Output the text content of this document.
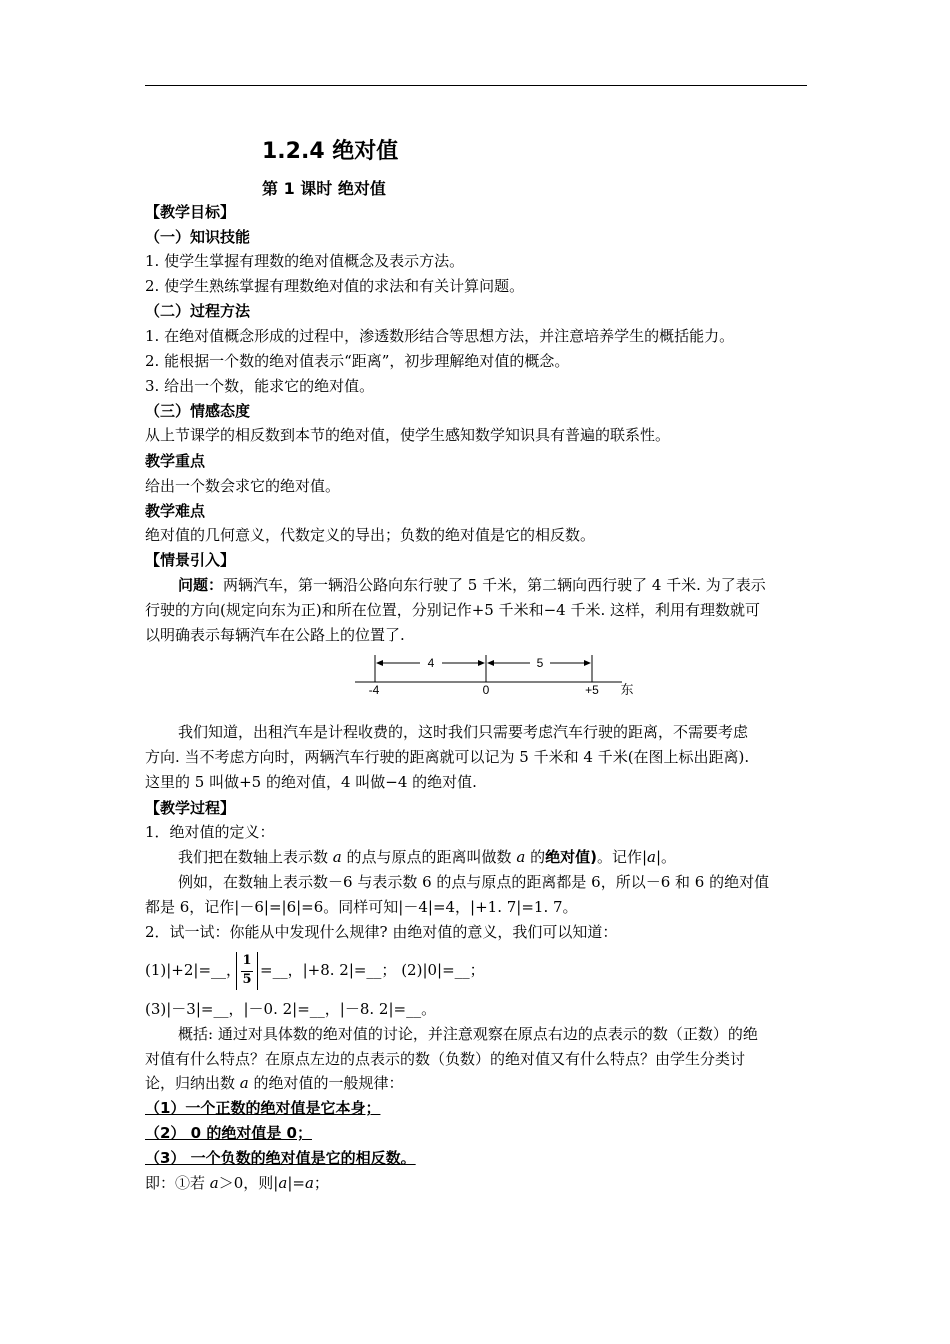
1.2.4 绝对值
第 1 课时 绝对值
【教学目标】
（一）知识技能
1. 使学生掌握有理数的绝对值概念及表示方法。
2. 使学生熟练掌握有理数绝对值的求法和有关计算问题。
（二）过程方法
1. 在绝对值概念形成的过程中，渗透数形结合等思想方法，并注意培养学生的概括能力。
2. 能根据一个数的绝对值表示“距离”，初步理解绝对值的概念。
3. 给出一个数，能求它的绝对值。
（三）情感态度
从上节课学的相反数到本节的绝对值，使学生感知数学知识具有普遍的联系性。
教学重点
给出一个数会求它的绝对值。
教学难点
绝对值的几何意义，代数定义的导出；负数的绝对值是它的相反数。
【情景引入】
问题：两辆汽车，第一辆沿公路向东行驶了 5 千米，第二辆向西行驶了 4 千米. 为了表示
行驶的方向(规定向东为正)和所在位置，分别记作+5 千米和−4 千米. 这样，利用有理数就可
以明确表示每辆汽车在公路上的位置了.
4	5
-4	0	+5 东
我们知道，出租汽车是计程收费的，这时我们只需要考虑汽车行驶的距离，不需要考虑
方向. 当不考虑方向时，两辆汽车行驶的距离就可以记为 5 千米和 4 千米(在图上标出距离).
这里的 5 叫做+5 的绝对值，4 叫做−4 的绝对值.
【教学过程】
1．绝对值的定义：
我们把在数轴上表示数 a 的点与原点的距离叫做数 a 的绝对值)。记作|a|。
例如，在数轴上表示数－6 与表示数 6 的点与原点的距离都是 6，所以－6 和 6 的绝对值
都是 6，记作|－6|=|6|=6。同样可知|－4|=4，|+1. 7|=1. 7。
2．试一试：你能从中发现什么规律? 由绝对值的意义，我们可以知道：
(1)|+2|=__，
1
5
=__，|+8. 2|=__； (2)|0|=__；
(3)|－3|=__，|－0. 2|=__，|－8. 2|=__。
概括: 通过对具体数的绝对值的讨论，并注意观察在原点右边的点表示的数（正数）的绝
对值有什么特点？在原点左边的点表示的数（负数）的绝对值又有什么特点？由学生分类讨
论，归纳出数 a 的绝对值的一般规律：
（1）一个正数的绝对值是它本身；
（2） 0 的绝对值是 0；
（3） 一个负数的绝对值是它的相反数。
即：①若 a＞0，则|a|=a；
